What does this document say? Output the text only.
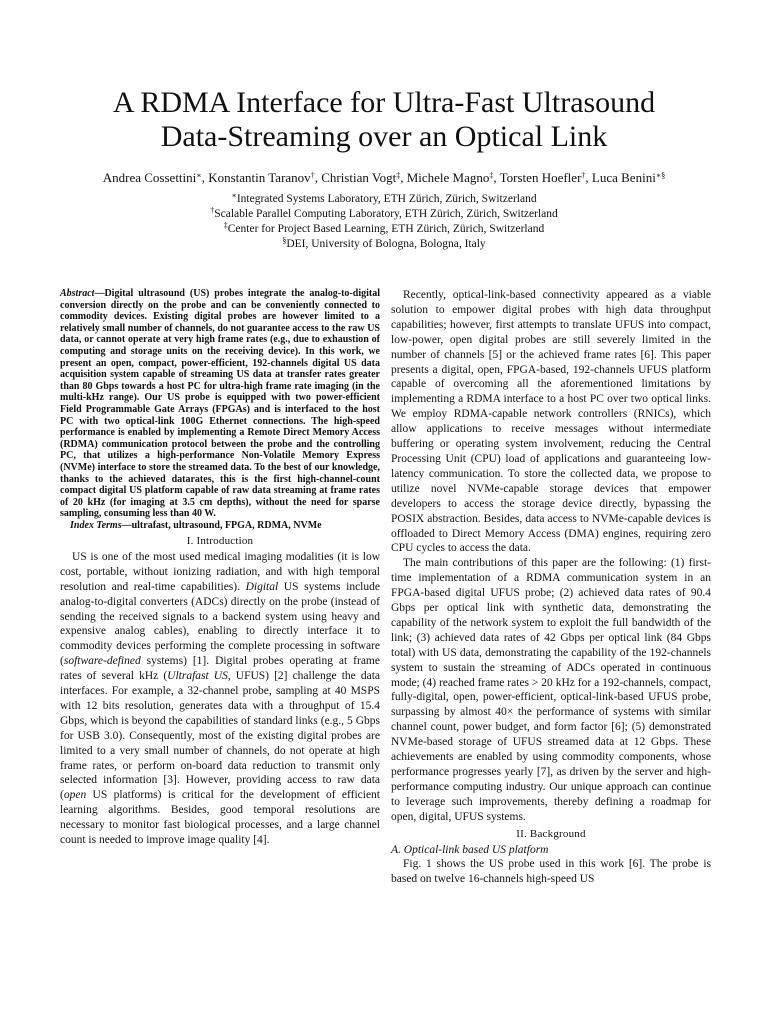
A RDMA Interface for Ultra-Fast Ultrasound
Data-Streaming over an Optical Link
Andrea Cossettini∗, Konstantin Taranov†, Christian Vogt‡, Michele Magno‡, Torsten Hoefler†, Luca Benini∗§
∗Integrated Systems Laboratory, ETH Zürich, Zürich, Switzerland
†Scalable Parallel Computing Laboratory, ETH Zürich, Zürich, Switzerland
‡Center for Project Based Learning, ETH Zürich, Zürich, Switzerland
§DEI, University of Bologna, Bologna, Italy
Abstract—Digital ultrasound (US) probes integrate the analog-to-digital conversion directly on the probe and can be conveniently connected to commodity devices. Existing digital probes are however limited to a relatively small number of channels, do not guarantee access to the raw US data, or cannot operate at very high frame rates (e.g., due to exhaustion of computing and storage units on the receiving device). In this work, we present an open, compact, power-efficient, 192-channels digital US data acquisition system capable of streaming US data at transfer rates greater than 80 Gbps towards a host PC for ultra-high frame rate imaging (in the multi-kHz range). Our US probe is equipped with two power-efficient Field Programmable Gate Arrays (FPGAs) and is interfaced to the host PC with two optical-link 100G Ethernet connections. The high-speed performance is enabled by implementing a Remote Direct Memory Access (RDMA) communication protocol between the probe and the controlling PC, that utilizes a high-performance Non-Volatile Memory Express (NVMe) interface to store the streamed data. To the best of our knowledge, thanks to the achieved datarates, this is the first high-channel-count compact digital US platform capable of raw data streaming at frame rates of 20 kHz (for imaging at 3.5 cm depths), without the need for sparse sampling, consuming less than 40 W.
Index Terms—ultrafast, ultrasound, FPGA, RDMA, NVMe
I. Introduction

US is one of the most used medical imaging modalities (it is low cost, portable, without ionizing radiation, and with high temporal resolution and real-time capabilities). Digital US systems include analog-to-digital converters (ADCs) directly on the probe (instead of sending the received signals to a backend system using heavy and expensive analog cables), enabling to directly interface it to commodity devices performing the complete processing in software (software-defined systems) [1]. Digital probes operating at frame rates of several kHz (Ultrafast US, UFUS) [2] challenge the data interfaces. For example, a 32-channel probe, sampling at 40 MSPS with 12 bits resolution, generates data with a throughput of 15.4 Gbps, which is beyond the capabilities of standard links (e.g., 5 Gbps for USB 3.0). Consequently, most of the existing digital probes are limited to a very small number of channels, do not operate at high frame rates, or perform on-board data reduction to transmit only selected information [3]. However, providing access to raw data (open US platforms) is critical for the development of efficient learning algorithms. Besides, good temporal resolutions are necessary to monitor fast biological processes, and a large channel count is needed to improve image quality [4].

Recently, optical-link-based connectivity appeared as a viable solution to empower digital probes with high data throughput capabilities; however, first attempts to translate UFUS into compact, low-power, open digital probes are still severely limited in the number of channels [5] or the achieved frame rates [6]. This paper presents a digital, open, FPGA-based, 192-channels UFUS platform capable of overcoming all the aforementioned limitations by implementing a RDMA interface to a host PC over two optical links. We employ RDMA-capable network controllers (RNICs), which allow applications to receive messages without intermediate buffering or operating system involvement, reducing the Central Processing Unit (CPU) load of applications and guaranteeing low-latency communication. To store the collected data, we propose to utilize novel NVMe-capable storage devices that empower developers to access the storage device directly, bypassing the POSIX abstraction. Besides, data access to NVMe-capable devices is offloaded to Direct Memory Access (DMA) engines, requiring zero CPU cycles to access the data.

The main contributions of this paper are the following: (1) first-time implementation of a RDMA communication system in an FPGA-based digital UFUS probe; (2) achieved data rates of 90.4 Gbps per optical link with synthetic data, demonstrating the capability of the network system to exploit the full bandwidth of the link; (3) achieved data rates of 42 Gbps per optical link (84 Gbps total) with US data, demonstrating the capability of the 192-channels system to sustain the streaming of ADCs operated in continuous mode; (4) reached frame rates > 20 kHz for a 192-channels, compact, fully-digital, open, power-efficient, optical-link-based UFUS probe, surpassing by almost 40× the performance of systems with similar channel count, power budget, and form factor [6]; (5) demonstrated NVMe-based storage of UFUS streamed data at 12 Gbps. These achievements are enabled by using commodity components, whose performance progresses yearly [7], as driven by the server and high-performance computing industry. Our unique approach can continue to leverage such improvements, thereby defining a roadmap for open, digital, UFUS systems.

II. Background
A. Optical-link based US platform

Fig. 1 shows the US probe used in this work [6]. The probe is based on twelve 16-channels high-speed US
